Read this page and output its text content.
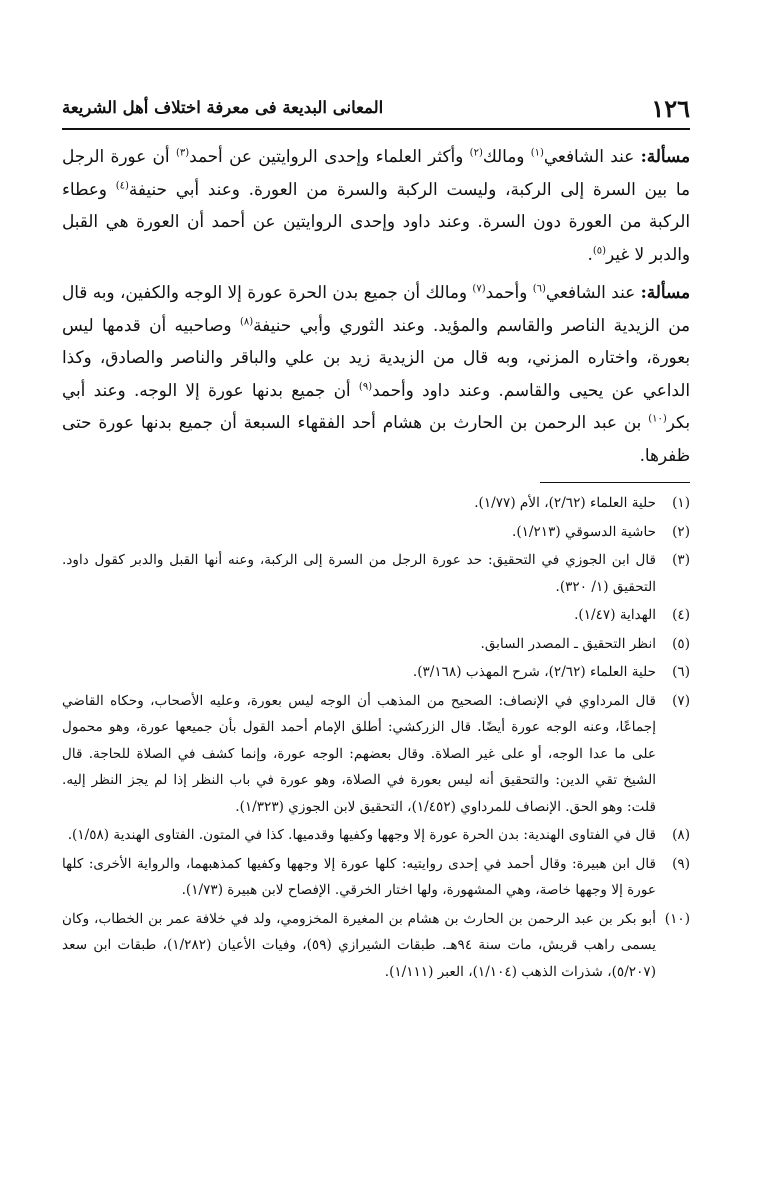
١٢٦
المعانى البديعة فى معرفة اختلاف أهل الشريعة

مسألة: عند الشافعي$^{(١)}$ ومالك$^{(٢)}$ وأكثر العلماء وإحدى الروايتين عن أحمد$^{(٣)}$ أن عورة الرجل ما بين السرة إلى الركبة، وليست الركبة والسرة من العورة. وعند أبي حنيفة$^{(٤)}$ وعطاء الركبة من العورة دون السرة. وعند داود وإحدى الروايتين عن أحمد أن العورة هي القبل والدبر لا غير$^{(٥)}$.

مسألة: عند الشافعي$^{(٦)}$ وأحمد$^{(٧)}$ ومالك أن جميع بدن الحرة عورة إلا الوجه والكفين، وبه قال من الزيدية الناصر والقاسم والمؤيد. وعند الثوري وأبي حنيفة$^{(٨)}$ وصاحبيه أن قدمها ليس بعورة، واختاره المزني، وبه قال من الزيدية زيد بن علي والباقر والناصر والصادق، وكذا الداعي عن يحيى والقاسم. وعند داود وأحمد$^{(٩)}$ أن جميع بدنها عورة إلا الوجه. وعند أبي بكر$^{(١٠)}$ بن عبد الرحمن بن الحارث بن هشام أحد الفقهاء السبعة أن جميع بدنها عورة حتى ظفرها.

(١)حلية العلماء (٢/٦٢)، الأم (١/٧٧).
(٢)حاشية الدسوقي (١/٢١٣).
(٣)قال ابن الجوزي في التحقيق: حد عورة الرجل من السرة إلى الركبة، وعنه أنها القبل والدبر كقول داود. التحقيق (١/ ٣٢٠).
(٤)الهداية (١/٤٧).
(٥)انظر التحقيق ـ المصدر السابق.
(٦)حلية العلماء (٢/٦٢)، شرح المهذب (٣/١٦٨).
(٧)قال المرداوي في الإنصاف: الصحيح من المذهب أن الوجه ليس بعورة، وعليه الأصحاب، وحكاه القاضي إجماعًا، وعنه الوجه عورة أيضًا. قال الزركشي: أطلق الإمام أحمد القول بأن جميعها عورة، وهو محمول على ما عدا الوجه، أو على غير الصلاة. وقال بعضهم: الوجه عورة، وإنما كشف في الصلاة للحاجة. قال الشيخ تقي الدين: والتحقيق أنه ليس بعورة في الصلاة، وهو عورة في باب النظر إذا لم يجز النظر إليه. قلت: وهو الحق. الإنصاف للمرداوي (١/٤٥٢)، التحقيق لابن الجوزي (١/٣٢٣).
(٨)قال في الفتاوى الهندية: بدن الحرة عورة إلا وجهها وكفيها وقدميها. كذا في المتون. الفتاوى الهندية (١/٥٨).
(٩)قال ابن هبيرة: وقال أحمد في إحدى روايتيه: كلها عورة إلا وجهها وكفيها كمذهبهما، والرواية الأخرى: كلها عورة إلا وجهها خاصة، وهي المشهورة، ولها اختار الخرقي. الإفصاح لابن هبيرة (١/٧٣).
(١٠)أبو بكر بن عبد الرحمن بن الحارث بن هشام بن المغيرة المخزومي، ولد في خلافة عمر بن الخطاب، وكان يسمى راهب قريش، مات سنة ٩٤هـ. طبقات الشيرازي (٥٩)، وفيات الأعيان (١/٢٨٢)، طبقات ابن سعد (٥/٢٠٧)، شذرات الذهب (١/١٠٤)، العبر (١/١١١).
